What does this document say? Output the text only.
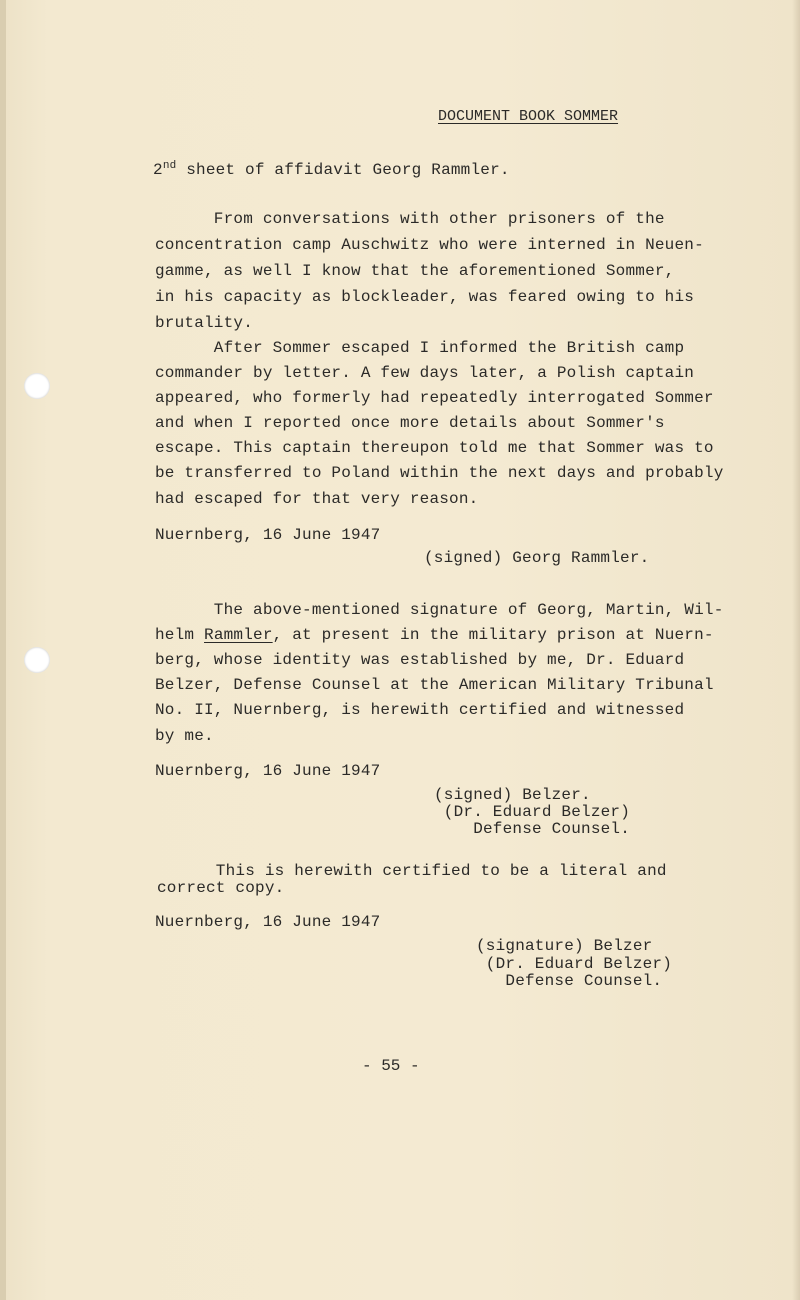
DOCUMENT BOOK SOMMER
2nd sheet of affidavit Georg Rammler.
From conversations with other prisoners of the
concentration camp Auschwitz who were interned in Neuen-
gamme, as well I know that the aforementioned Sommer,
in his capacity as blockleader, was feared owing to his
brutality.
After Sommer escaped I informed the British camp
commander by letter. A few days later, a Polish captain
appeared, who formerly had repeatedly interrogated Sommer
and when I reported once more details about Sommer's
escape. This captain thereupon told me that Sommer was to
be transferred to Poland within the next days and probably
had escaped for that very reason.
Nuernberg, 16 June 1947
(signed) Georg Rammler.
The above-mentioned signature of Georg, Martin, Wil-
helm Rammler, at present in the military prison at Nuern-
berg, whose identity was established by me, Dr. Eduard
Belzer, Defense Counsel at the American Military Tribunal
No. II, Nuernberg, is herewith certified and witnessed
by me.
Nuernberg, 16 June 1947
(signed) Belzer.
(Dr. Eduard Belzer)
Defense Counsel.
This is herewith certified to be a literal and
correct copy.
Nuernberg, 16 June 1947
(signature) Belzer
(Dr. Eduard Belzer)
Defense Counsel.
- 55 -
